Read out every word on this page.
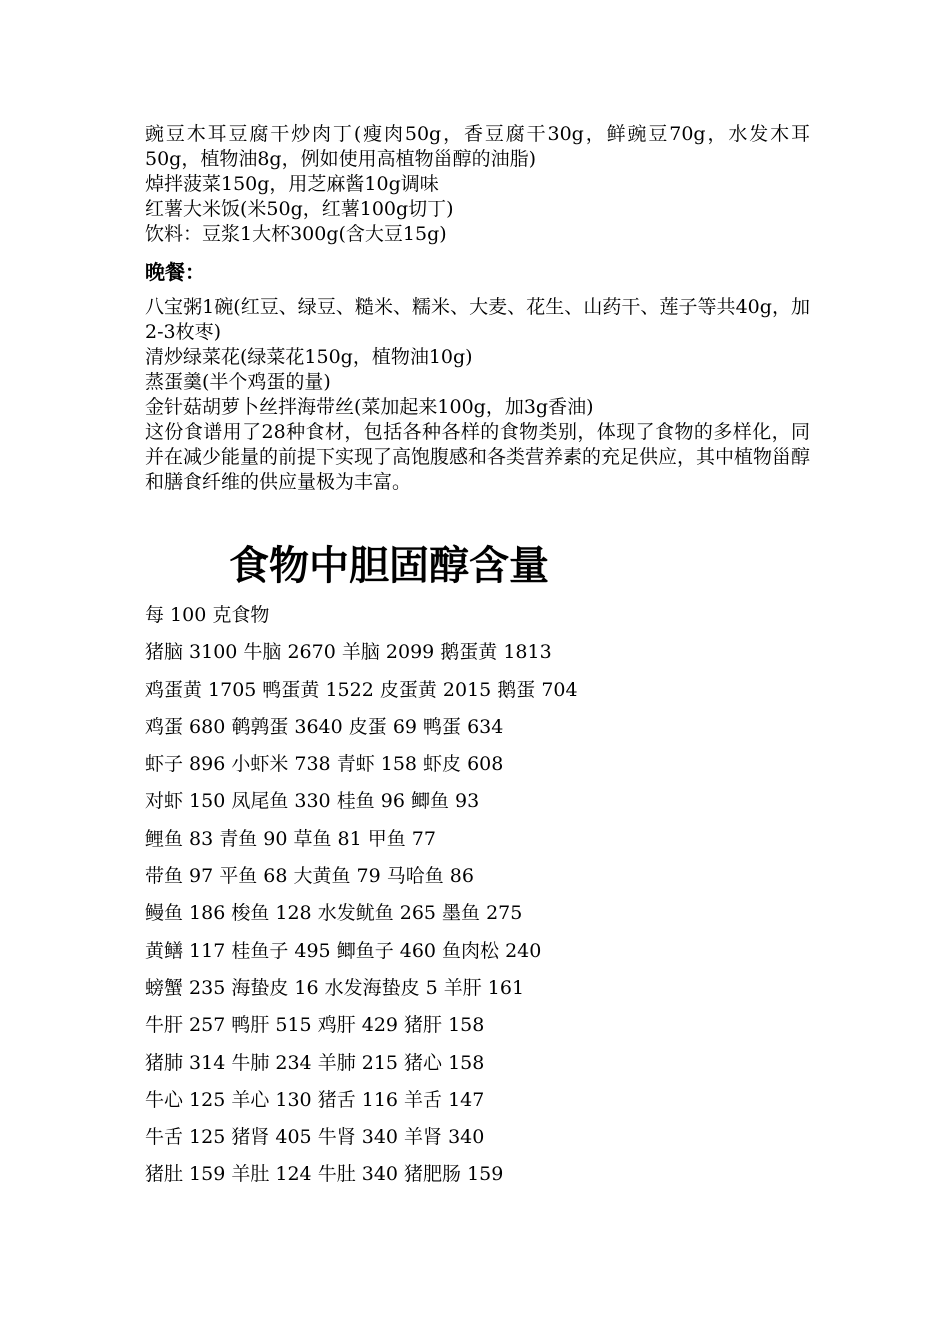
豌豆木耳豆腐干炒肉丁(瘦肉50g，香豆腐干30g，鲜豌豆70g，水发木耳50g，植物油8g，例如使用高植物甾醇的油脂)

焯拌菠菜150g，用芝麻酱10g调味

红薯大米饭(米50g，红薯100g切丁)

饮料：豆浆1大杯300g(含大豆15g)

晚餐：

八宝粥1碗(红豆、绿豆、糙米、糯米、大麦、花生、山药干、莲子等共40g，加2-3枚枣)

清炒绿菜花(绿菜花150g，植物油10g)

蒸蛋羹(半个鸡蛋的量)

金针菇胡萝卜丝拌海带丝(菜加起来100g，加3g香油)

这份食谱用了28种食材，包括各种各样的食物类别，体现了食物的多样化，同并在减少能量的前提下实现了高饱腹感和各类营养素的充足供应，其中植物甾醇和膳食纤维的供应量极为丰富。

食物中胆固醇含量

每 100 克食物

猪脑 3100 牛脑 2670 羊脑 2099 鹅蛋黄 1813

鸡蛋黄 1705 鸭蛋黄 1522 皮蛋黄 2015 鹅蛋 704

鸡蛋 680 鹌鹑蛋 3640 皮蛋 69 鸭蛋 634

虾子 896 小虾米 738 青虾 158 虾皮 608

对虾 150 凤尾鱼 330 桂鱼 96 鲫鱼 93

鲤鱼 83 青鱼 90 草鱼 81 甲鱼 77

带鱼 97 平鱼 68 大黄鱼 79 马哈鱼 86

鳗鱼 186 梭鱼 128 水发鱿鱼 265 墨鱼 275

黄鳝 117 桂鱼子 495 鲫鱼子 460 鱼肉松 240

螃蟹 235 海蛰皮 16 水发海蛰皮 5 羊肝 161

牛肝 257 鸭肝 515 鸡肝 429 猪肝 158

猪肺 314 牛肺 234 羊肺 215 猪心 158

牛心 125 羊心 130 猪舌 116 羊舌 147

牛舌 125 猪肾 405 牛肾 340 羊肾 340

猪肚 159 羊肚 124 牛肚 340 猪肥肠 159
